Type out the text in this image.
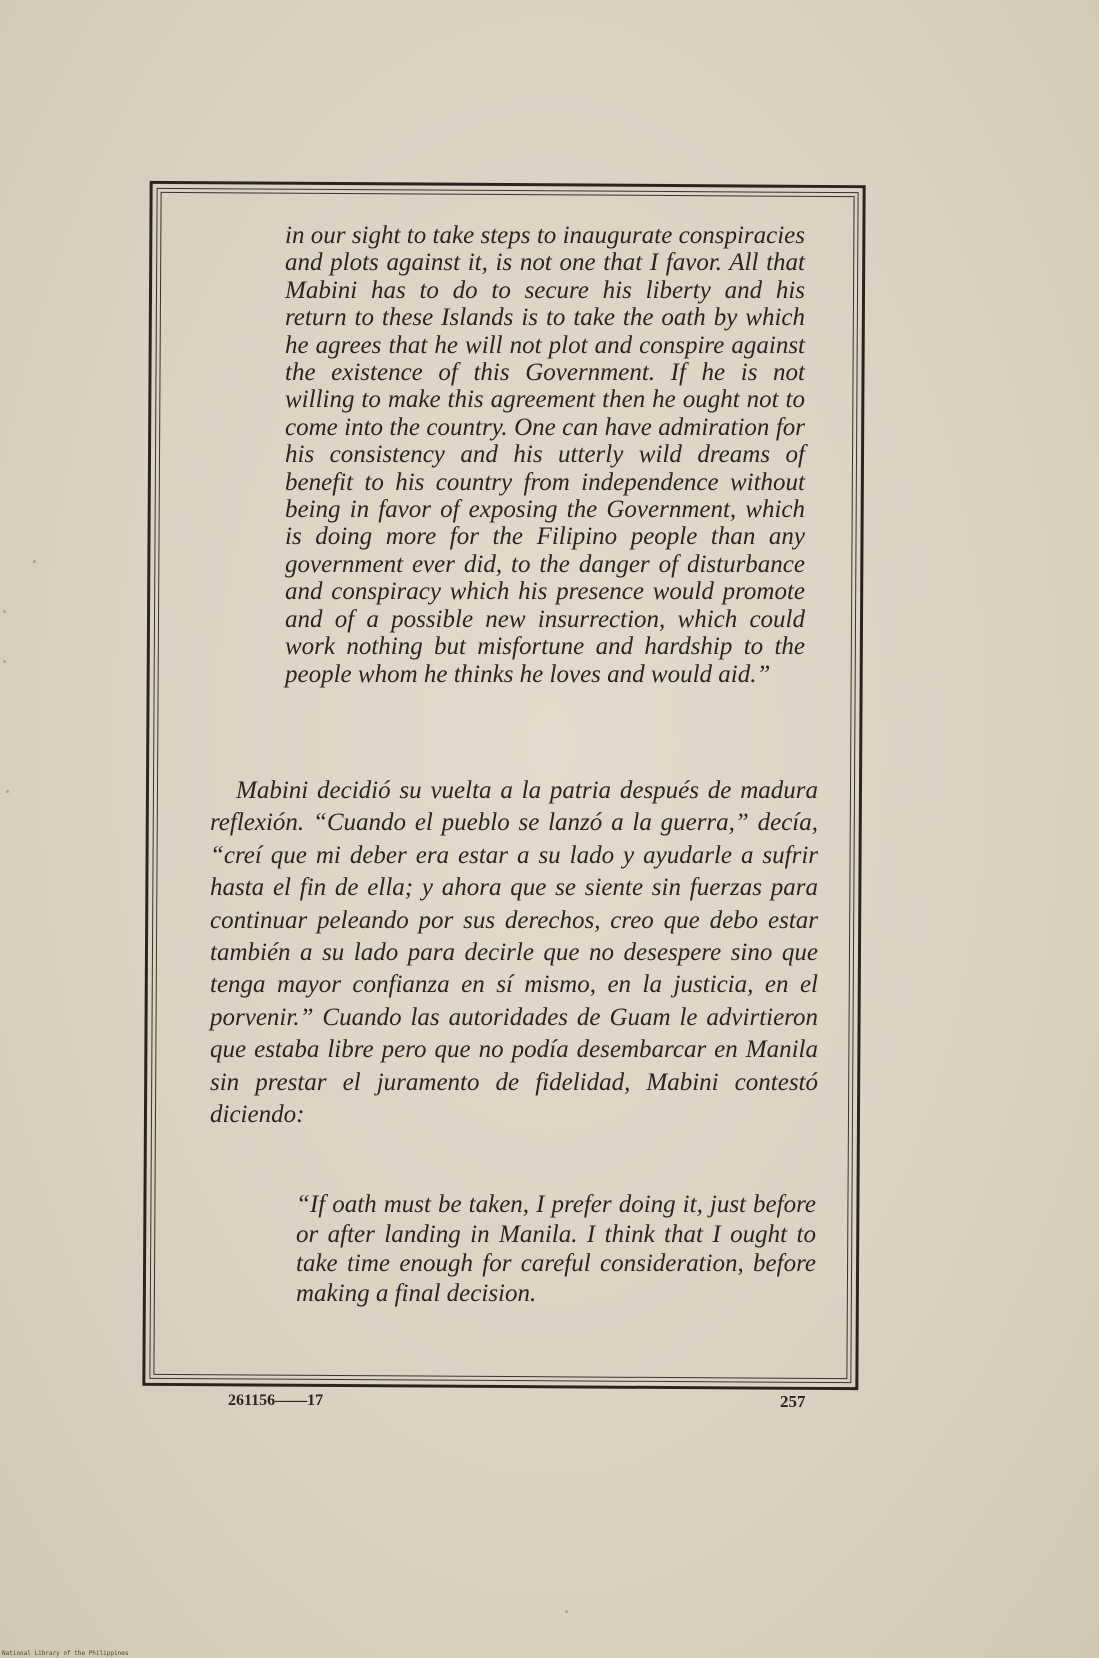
in our sight to take steps to inaugurate conspiracies and plots against it, is not one that I favor. All that Mabini has to do to secure his liberty and his return to these Islands is to take the oath by which he agrees that he will not plot and conspire against the existence of this Government. If he is not willing to make this agreement then he ought not to come into the country. One can have admiration for his consistency and his utterly wild dreams of benefit to his country from independence without being in favor of exposing the Government, which is doing more for the Filipino people than any government ever did, to the danger of disturbance and conspiracy which his presence would promote and of a possible new insurrection, which could work nothing but misfortune and hardship to the people whom he thinks he loves and would aid.”
Mabini decidió su vuelta a la patria después de madura reflexión. “Cuando el pueblo se lanzó a la guerra,” decía, “creí que mi deber era estar a su lado y ayudarle a sufrir hasta el fin de ella; y ahora que se siente sin fuerzas para continuar peleando por sus derechos, creo que debo estar también a su lado para decirle que no desespere sino que tenga mayor confianza en sí mismo, en la justicia, en el porvenir.” Cuando las autoridades de Guam le advirtieron que estaba libre pero que no podía desembarcar en Manila sin prestar el juramento de fidelidad, Mabini contestó diciendo:
“If oath must be taken, I prefer doing it, just before or after landing in Manila. I think that I ought to take time enough for careful consideration, before making a final decision.
261156——17	257
National Library of the Philippines
